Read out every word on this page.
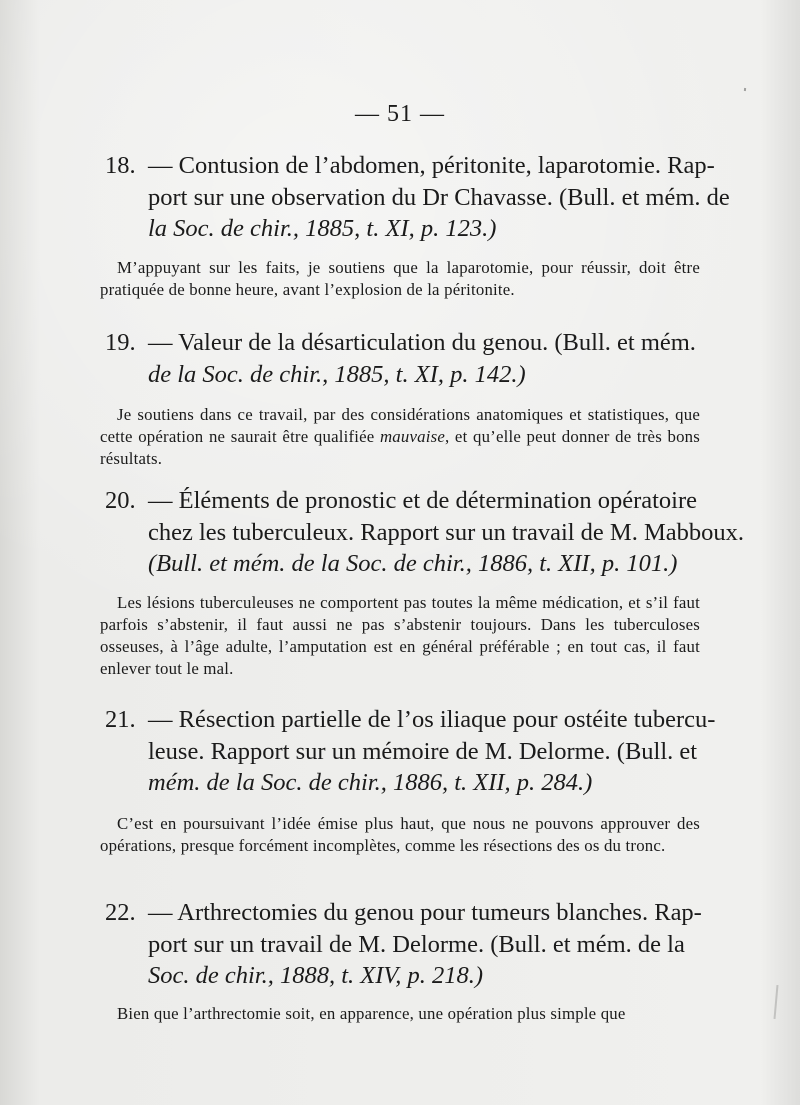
— 51 —

18. — Contusion de l’abdomen, péritonite, laparotomie. Rap-
port sur une observation du Dr Chavasse. (Bull. et mém. de
la Soc. de chir., 1885, t. XI, p. 123.)

M’appuyant sur les faits, je soutiens que la laparotomie, pour réussir, doit être pratiquée de bonne heure, avant l’explosion de la péritonite.

19. — Valeur de la désarticulation du genou. (Bull. et mém.
de la Soc. de chir., 1885, t. XI, p. 142.)

Je soutiens dans ce travail, par des considérations anatomiques et statistiques, que cette opération ne saurait être qualifiée mauvaise, et qu’elle peut donner de très bons résultats.

20. — Éléments de pronostic et de détermination opératoire
chez les tuberculeux. Rapport sur un travail de M. Mabboux.
(Bull. et mém. de la Soc. de chir., 1886, t. XII, p. 101.)

Les lésions tuberculeuses ne comportent pas toutes la même médication, et s’il faut parfois s’abstenir, il faut aussi ne pas s’abstenir toujours. Dans les tuberculoses osseuses, à l’âge adulte, l’amputation est en général préférable ; en tout cas, il faut enlever tout le mal.

21. — Résection partielle de l’os iliaque pour ostéite tubercu-
leuse. Rapport sur un mémoire de M. Delorme. (Bull. et
mém. de la Soc. de chir., 1886, t. XII, p. 284.)

C’est en poursuivant l’idée émise plus haut, que nous ne pouvons approuver des opérations, presque forcément incomplètes, comme les résections des os du tronc.

22. — Arthrectomies du genou pour tumeurs blanches. Rap-
port sur un travail de M. Delorme. (Bull. et mém. de la
Soc. de chir., 1888, t. XIV, p. 218.)

Bien que l’arthrectomie soit, en apparence, une opération plus simple que
